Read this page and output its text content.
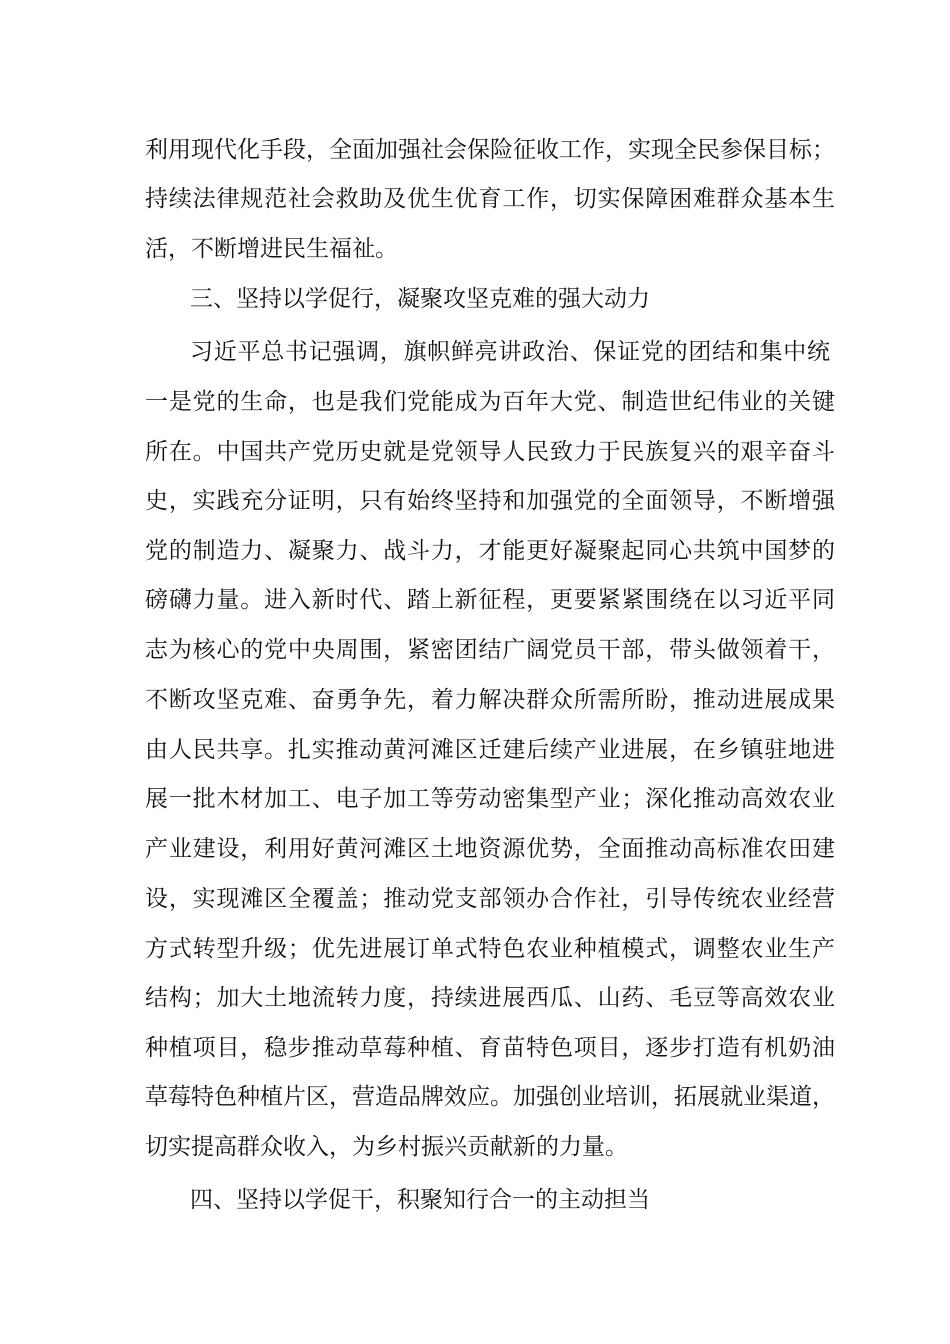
利用现代化手段，全面加强社会保险征收工作，实现全民参保目标；
持续法律规范社会救助及优生优育工作，切实保障困难群众基本生
活，不断增进民生福祉。
三、坚持以学促行，凝聚攻坚克难的强大动力
习近平总书记强调，旗帜鲜亮讲政治、保证党的团结和集中统
一是党的生命，也是我们党能成为百年大党、制造世纪伟业的关键
所在。中国共产党历史就是党领导人民致力于民族复兴的艰辛奋斗
史，实践充分证明，只有始终坚持和加强党的全面领导，不断增强
党的制造力、凝聚力、战斗力，才能更好凝聚起同心共筑中国梦的
磅礴力量。进入新时代、踏上新征程，更要紧紧围绕在以习近平同
志为核心的党中央周围，紧密团结广阔党员干部，带头做领着干，
不断攻坚克难、奋勇争先，着力解决群众所需所盼，推动进展成果
由人民共享。扎实推动黄河滩区迁建后续产业进展，在乡镇驻地进
展一批木材加工、电子加工等劳动密集型产业；深化推动高效农业
产业建设，利用好黄河滩区土地资源优势，全面推动高标准农田建
设，实现滩区全覆盖；推动党支部领办合作社，引导传统农业经营
方式转型升级；优先进展订单式特色农业种植模式，调整农业生产
结构；加大土地流转力度，持续进展西瓜、山药、毛豆等高效农业
种植项目，稳步推动草莓种植、育苗特色项目，逐步打造有机奶油
草莓特色种植片区，营造品牌效应。加强创业培训，拓展就业渠道，
切实提高群众收入，为乡村振兴贡献新的力量。
四、坚持以学促干，积聚知行合一的主动担当
